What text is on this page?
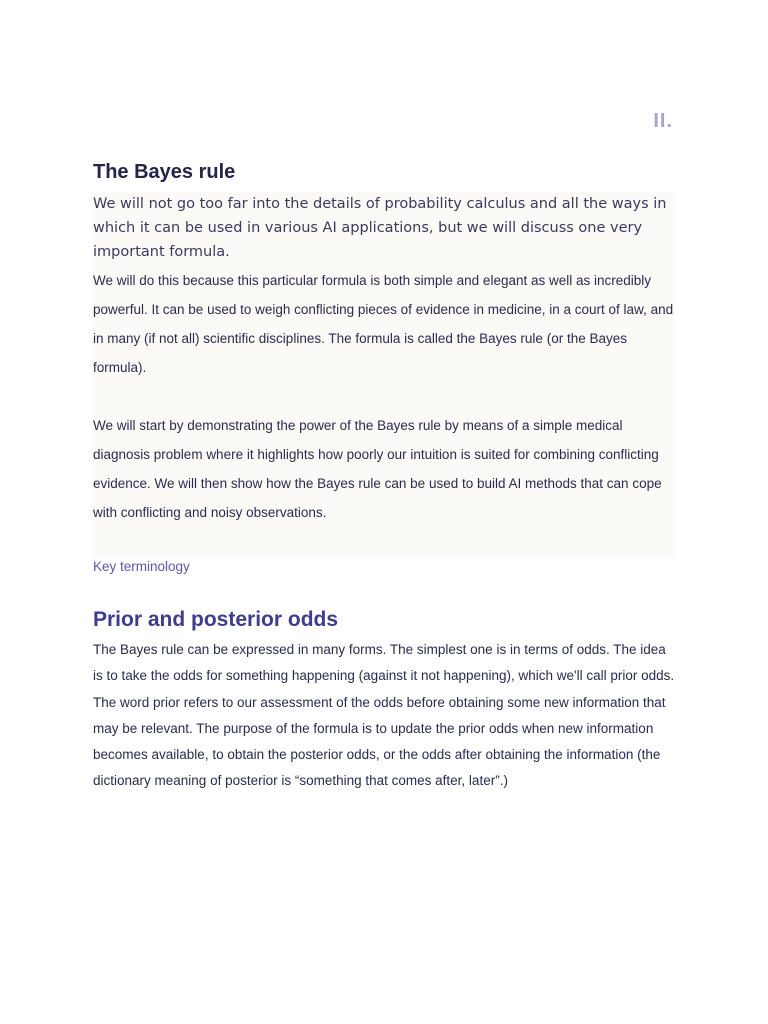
II.
The Bayes rule

We will not go too far into the details of probability calculus and all the ways in which it can be used in various AI applications, but we will discuss one very important formula.

We will do this because this particular formula is both simple and elegant as well as incredibly powerful. It can be used to weigh conflicting pieces of evidence in medicine, in a court of law, and in many (if not all) scientific disciplines. The formula is called the Bayes rule (or the Bayes formula).

We will start by demonstrating the power of the Bayes rule by means of a simple medical diagnosis problem where it highlights how poorly our intuition is suited for combining conflicting evidence. We will then show how the Bayes rule can be used to build AI methods that can cope with conflicting and noisy observations.

Key terminology
Prior and posterior odds

The Bayes rule can be expressed in many forms. The simplest one is in terms of odds. The idea is to take the odds for something happening (against it not happening), which we'll call prior odds. The word prior refers to our assessment of the odds before obtaining some new information that may be relevant. The purpose of the formula is to update the prior odds when new information becomes available, to obtain the posterior odds, or the odds after obtaining the information (the dictionary meaning of posterior is “something that comes after, later”.)
